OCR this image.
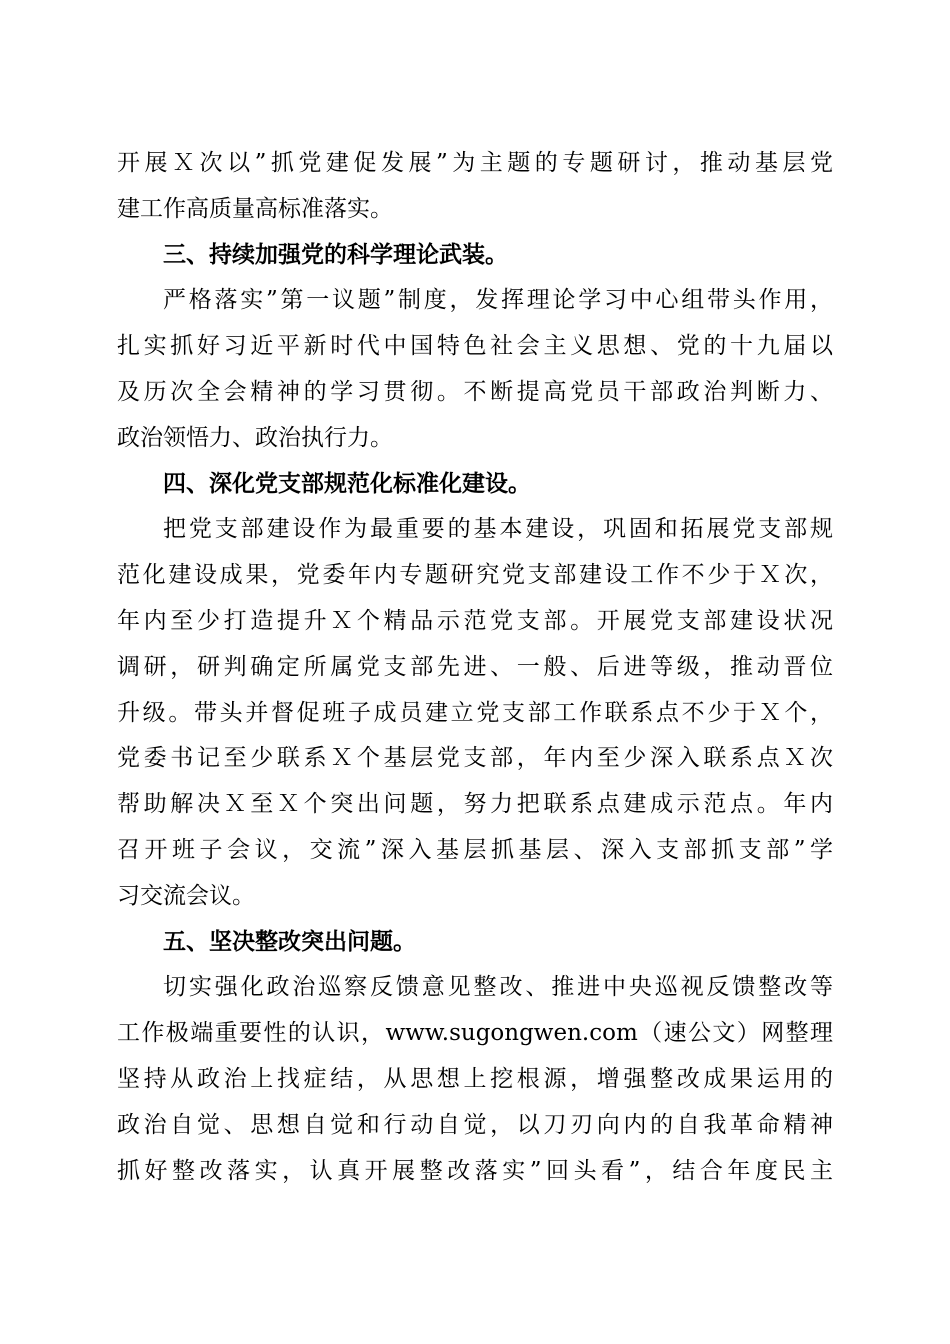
开展Ｘ次以”抓党建促发展”为主题的专题研讨，推动基层党
建工作高质量高标准落实。
三、持续加强党的科学理论武装。
严格落实”第一议题”制度，发挥理论学习中心组带头作用，
扎实抓好习近平新时代中国特色社会主义思想、党的十九届以
及历次全会精神的学习贯彻。不断提高党员干部政治判断力、
政治领悟力、政治执行力。
四、深化党支部规范化标准化建设。
把党支部建设作为最重要的基本建设，巩固和拓展党支部规
范化建设成果，党委年内专题研究党支部建设工作不少于Ｘ次，
年内至少打造提升Ｘ个精品示范党支部。开展党支部建设状况
调研，研判确定所属党支部先进、一般、后进等级，推动晋位
升级。带头并督促班子成员建立党支部工作联系点不少于Ｘ个，
党委书记至少联系Ｘ个基层党支部，年内至少深入联系点Ｘ次
帮助解决Ｘ至Ｘ个突出问题，努力把联系点建成示范点。年内
召开班子会议，交流”深入基层抓基层、深入支部抓支部”学
习交流会议。
五、坚决整改突出问题。
切实强化政治巡察反馈意见整改、推进中央巡视反馈整改等
工作极端重要性的认识，www.sugongwen.com（速公文）网整理
坚持从政治上找症结，从思想上挖根源，增强整改成果运用的
政治自觉、思想自觉和行动自觉，以刀刃向内的自我革命精神
抓好整改落实，认真开展整改落实”回头看”，结合年度民主
